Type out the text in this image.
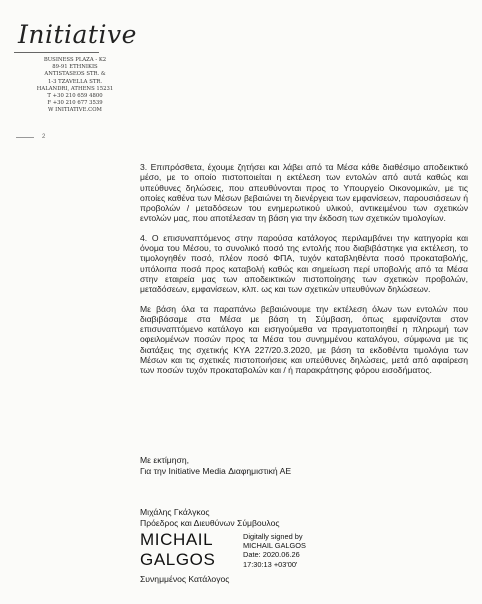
Initiative
BUSINESS PLAZA - K2
89-91 ETHNIKIS
ANTISTASEOS STR. &
1-3 TZAVELLA STR.
HALANDRI, ATHENS 15231
T +30 210 659 4800
F +30 210 677 3539
W INITIATIVE.COM
2

3. Επιπρόσθετα, έχουμε ζητήσει και λάβει από τα Μέσα κάθε διαθέσιμο αποδεικτικό μέσο, με το οποίο πιστοποιείται η εκτέλεση των εντολών από αυτά καθώς και υπεύθυνες δηλώσεις, που απευθύνονται προς το Υπουργείο Οικονομικών, με τις οποίες καθένα των Μέσων βεβαιώνει τη διενέργεια των εμφανίσεων, παρουσιάσεων ή προβολών / μεταδόσεων του ενημερωτικού υλικού, αντικειμένου των σχετικών εντολών μας, που αποτέλεσαν τη βάση για την έκδοση των σχετικών τιμολογίων.

4. Ο επισυναπτόμενος στην παρούσα κατάλογος περιλαμβάνει την κατηγορία και όνομα του Μέσου, το συνολικό ποσό της εντολής που διαβιβάστηκε για εκτέλεση, το τιμολογηθέν ποσό, πλέον ποσό ΦΠΑ, τυχόν καταβληθέντα ποσό προκαταβολής, υπόλοιπα ποσά προς καταβολή καθώς και σημείωση περί υποβολής από τα Μέσα στην εταιρεία μας των αποδεικτικών πιστοποίησης των σχετικών προβολών, μεταδόσεων, εμφανίσεων, κλπ. ως και των σχετικών υπευθύνων δηλώσεων.

Με βάση όλα τα παραπάνω βεβαιώνουμε την εκτέλεση όλων των εντολών που διαβιβάσαμε στα Μέσα με βάση τη Σύμβαση, όπως εμφανίζονται στον επισυναπτόμενο κατάλογο και εισηγούμεθα να πραγματοποιηθεί η πληρωμή των οφειλομένων ποσών προς τα Μέσα του συνημμένου καταλόγου, σύμφωνα με τις διατάξεις της σχετικής ΚΥΑ 227/20.3.2020, με βάση τα εκδοθέντα τιμολόγια των Μέσων και τις σχετικές πιστοποιήσεις και υπεύθυνες δηλώσεις, μετά από αφαίρεση των ποσών τυχόν προκαταβολών και / ή παρακράτησης φόρου εισοδήματος.

Με εκτίμηση,
Για την Initiative Media Διαφημιστική ΑΕ
Μιχάλης Γκάλγκος
Πρόεδρος και Διευθύνων Σύμβουλος
MICHAIL
GALGOS
Digitally signed by
MICHAIL GALGOS
Date: 2020.06.26
17:30:13 +03'00'
Συνημμένος Κατάλογος
